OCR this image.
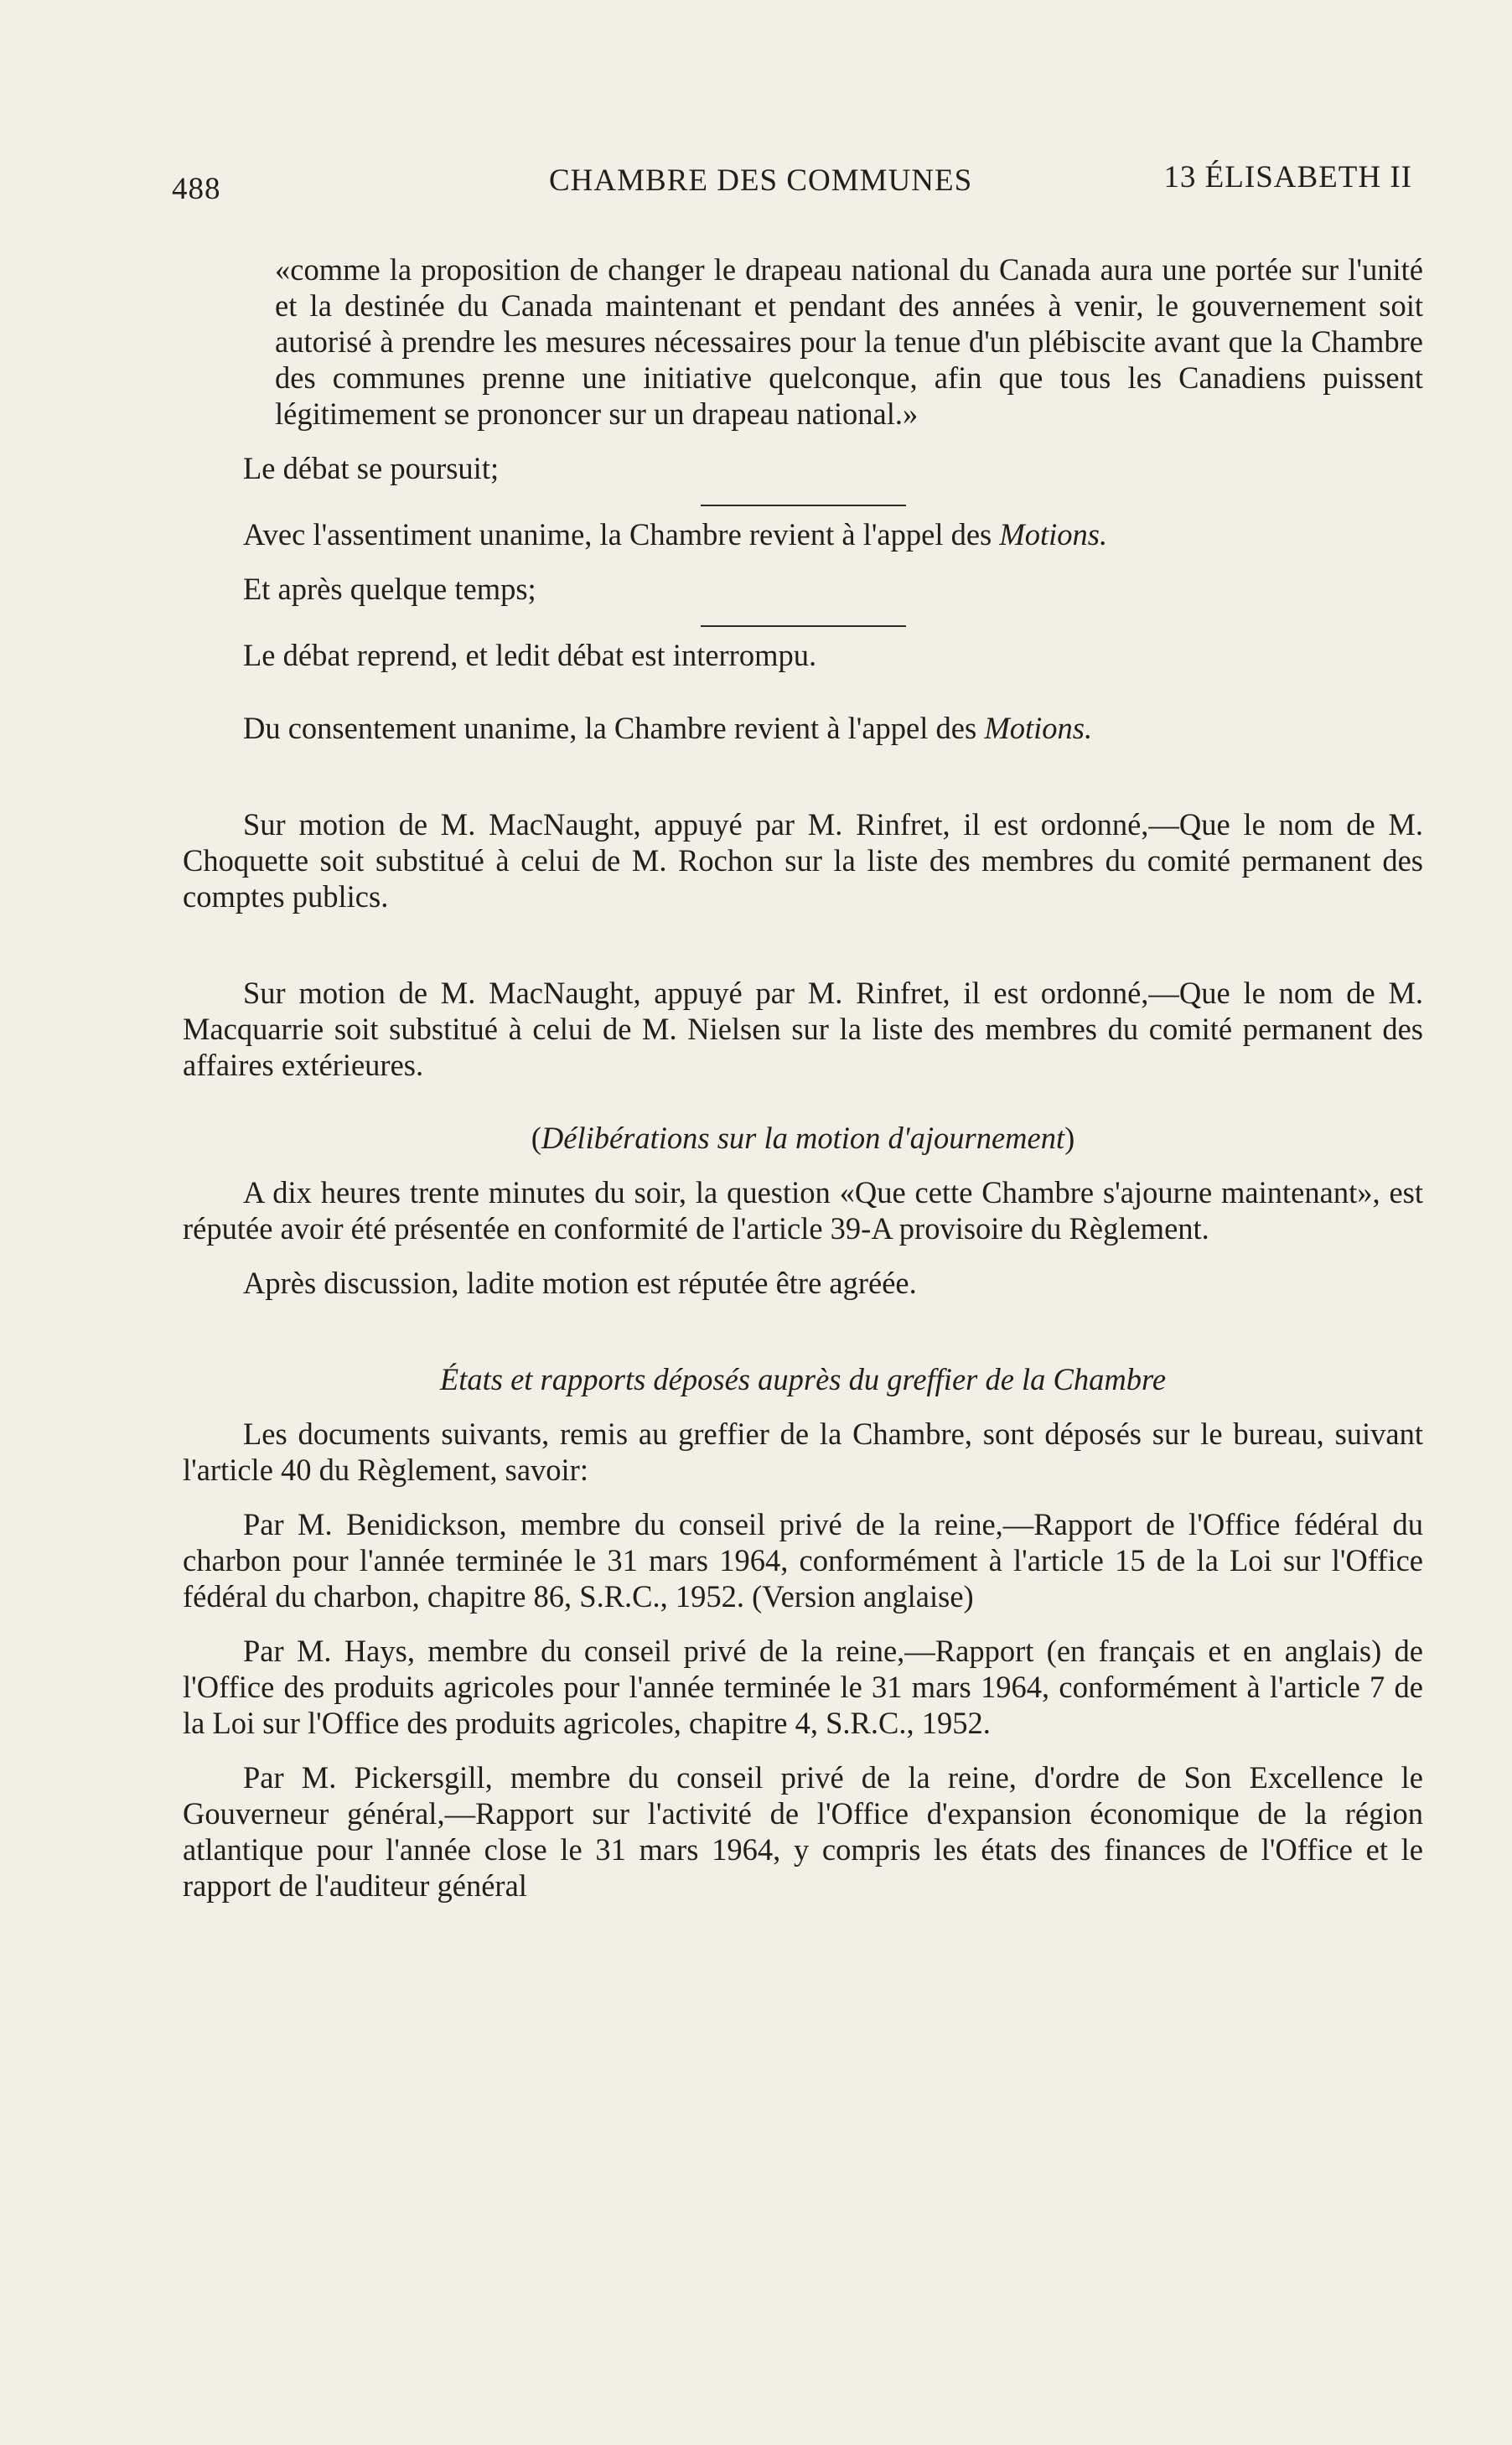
488	CHAMBRE DES COMMUNES	13 ÉLISABETH II

«comme la proposition de changer le drapeau national du Canada aura une portée sur l'unité et la destinée du Canada maintenant et pendant des années à venir, le gouvernement soit autorisé à prendre les mesures nécessaires pour la tenue d'un plébiscite avant que la Chambre des communes prenne une initiative quelconque, afin que tous les Canadiens puissent légitimement se prononcer sur un drapeau national.»

Le débat se poursuit;

Avec l'assentiment unanime, la Chambre revient à l'appel des Motions.

Et après quelque temps;

Le débat reprend, et ledit débat est interrompu.

Du consentement unanime, la Chambre revient à l'appel des Motions.

Sur motion de M. MacNaught, appuyé par M. Rinfret, il est ordonné,—Que le nom de M. Choquette soit substitué à celui de M. Rochon sur la liste des membres du comité permanent des comptes publics.

Sur motion de M. MacNaught, appuyé par M. Rinfret, il est ordonné,—Que le nom de M. Macquarrie soit substitué à celui de M. Nielsen sur la liste des membres du comité permanent des affaires extérieures.

(Délibérations sur la motion d'ajournement)

A dix heures trente minutes du soir, la question «Que cette Chambre s'ajourne maintenant», est réputée avoir été présentée en conformité de l'article 39-A provisoire du Règlement.

Après discussion, ladite motion est réputée être agréée.

États et rapports déposés auprès du greffier de la Chambre

Les documents suivants, remis au greffier de la Chambre, sont déposés sur le bureau, suivant l'article 40 du Règlement, savoir:

Par M. Benidickson, membre du conseil privé de la reine,—Rapport de l'Office fédéral du charbon pour l'année terminée le 31 mars 1964, conformément à l'article 15 de la Loi sur l'Office fédéral du charbon, chapitre 86, S.R.C., 1952. (Version anglaise)

Par M. Hays, membre du conseil privé de la reine,—Rapport (en français et en anglais) de l'Office des produits agricoles pour l'année terminée le 31 mars 1964, conformément à l'article 7 de la Loi sur l'Office des produits agricoles, chapitre 4, S.R.C., 1952.

Par M. Pickersgill, membre du conseil privé de la reine, d'ordre de Son Excellence le Gouverneur général,—Rapport sur l'activité de l'Office d'expansion économique de la région atlantique pour l'année close le 31 mars 1964, y compris les états des finances de l'Office et le rapport de l'auditeur général
